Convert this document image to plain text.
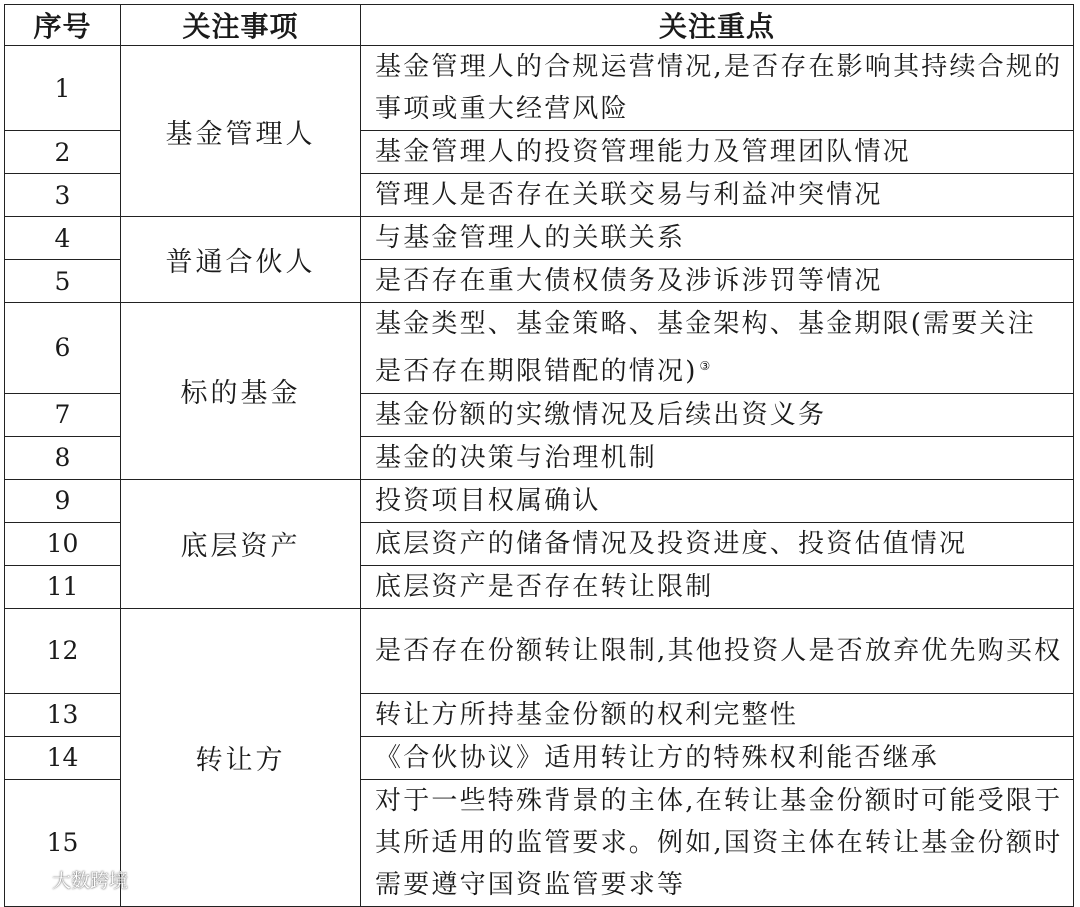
序号	关注事项	关注重点
1	基金管理人	基金管理人的合规运营情况,是否存在影响其持续合规的事项或重大经营风险
2		基金管理人的投资管理能力及管理团队情况
3		管理人是否存在关联交易与利益冲突情况
4	普通合伙人	与基金管理人的关联关系
5		是否存在重大债权债务及涉诉涉罚等情况
6	标的基金	基金类型、基金策略、基金架构、基金期限(需要关注是否存在期限错配的情况) ③
7		基金份额的实缴情况及后续出资义务
8		基金的决策与治理机制
9	底层资产	投资项目权属确认
10		底层资产的储备情况及投资进度、投资估值情况
11		底层资产是否存在转让限制
12	转让方	是否存在份额转让限制,其他投资人是否放弃优先购买权
13		转让方所持基金份额的权利完整性
14		《合伙协议》适用转让方的特殊权利能否继承
15		对于一些特殊背景的主体,在转让基金份额时可能受限于其所适用的监管要求。例如,国资主体在转让基金份额时需要遵守国资监管要求等
大数跨境
